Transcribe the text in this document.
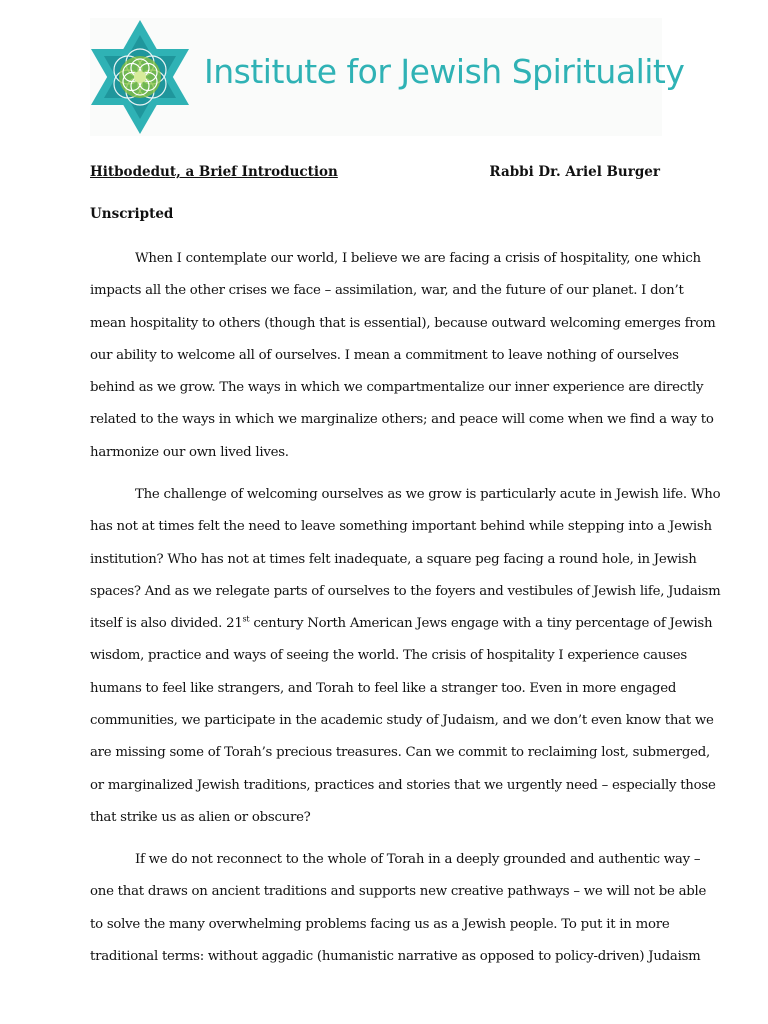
Institute for Jewish Spirituality
Hitbodedut, a Brief Introduction	Rabbi Dr. Ariel Burger
Unscripted
When I contemplate our world, I believe we are facing a crisis of hospitality, one which
impacts all the other crises we face – assimilation, war, and the future of our planet. I don’t
mean hospitality to others (though that is essential), because outward welcoming emerges from
our ability to welcome all of ourselves. I mean a commitment to leave nothing of ourselves
behind as we grow. The ways in which we compartmentalize our inner experience are directly
related to the ways in which we marginalize others; and peace will come when we find a way to
harmonize our own lived lives.
The challenge of welcoming ourselves as we grow is particularly acute in Jewish life. Who
has not at times felt the need to leave something important behind while stepping into a Jewish
institution? Who has not at times felt inadequate, a square peg facing a round hole, in Jewish
spaces? And as we relegate parts of ourselves to the foyers and vestibules of Jewish life, Judaism
itself is also divided. 21st century North American Jews engage with a tiny percentage of Jewish
wisdom, practice and ways of seeing the world. The crisis of hospitality I experience causes
humans to feel like strangers, and Torah to feel like a stranger too. Even in more engaged
communities, we participate in the academic study of Judaism, and we don’t even know that we
are missing some of Torah’s precious treasures. Can we commit to reclaiming lost, submerged,
or marginalized Jewish traditions, practices and stories that we urgently need – especially those
that strike us as alien or obscure?
If we do not reconnect to the whole of Torah in a deeply grounded and authentic way –
one that draws on ancient traditions and supports new creative pathways – we will not be able
to solve the many overwhelming problems facing us as a Jewish people. To put it in more
traditional terms: without aggadic (humanistic narrative as opposed to policy-driven) Judaism
